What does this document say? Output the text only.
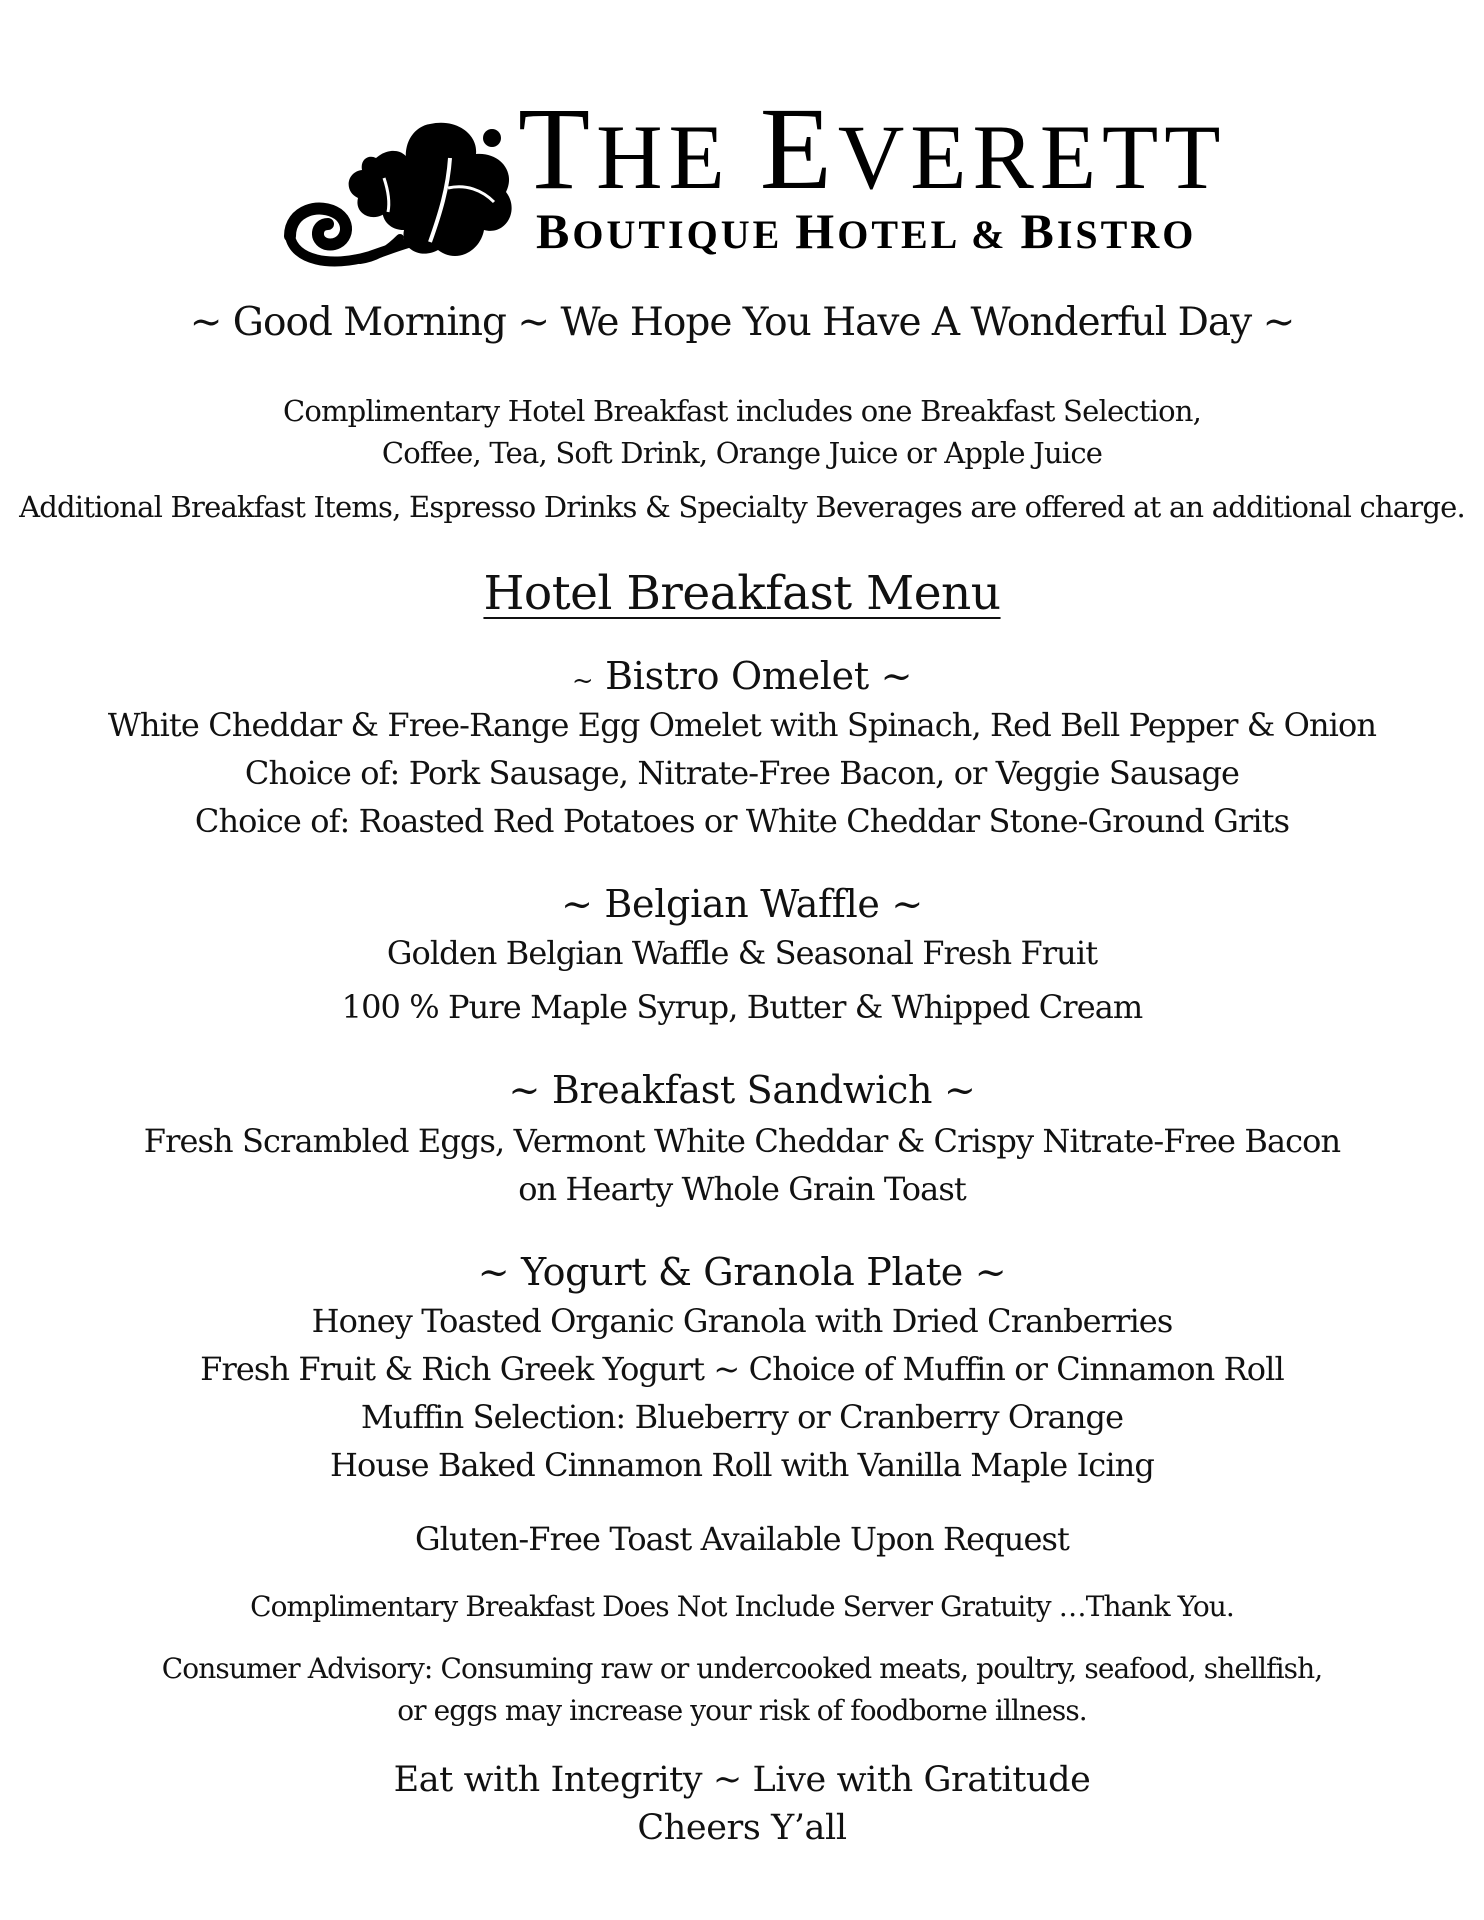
THE EVERETT
BOUTIQUE HOTEL & BISTRO
~ Good Morning ~ We Hope You Have A Wonderful Day ~
Complimentary Hotel Breakfast includes one Breakfast Selection,
Coffee, Tea, Soft Drink, Orange Juice or Apple Juice
Additional Breakfast Items, Espresso Drinks & Specialty Beverages are offered at an additional charge.
Hotel Breakfast Menu
~ Bistro Omelet ~
White Cheddar & Free-Range Egg Omelet with Spinach, Red Bell Pepper & Onion
Choice of: Pork Sausage, Nitrate-Free Bacon, or Veggie Sausage
Choice of: Roasted Red Potatoes or White Cheddar Stone-Ground Grits
~ Belgian Waffle ~
Golden Belgian Waffle & Seasonal Fresh Fruit
100 % Pure Maple Syrup, Butter & Whipped Cream
~ Breakfast Sandwich ~
Fresh Scrambled Eggs, Vermont White Cheddar & Crispy Nitrate-Free Bacon
on Hearty Whole Grain Toast
~ Yogurt & Granola Plate ~
Honey Toasted Organic Granola with Dried Cranberries
Fresh Fruit & Rich Greek Yogurt ~ Choice of Muffin or Cinnamon Roll
Muffin Selection: Blueberry or Cranberry Orange
House Baked Cinnamon Roll with Vanilla Maple Icing
Gluten-Free Toast Available Upon Request
Complimentary Breakfast Does Not Include Server Gratuity …Thank You.
Consumer Advisory: Consuming raw or undercooked meats, poultry, seafood, shellfish,
or eggs may increase your risk of foodborne illness.
Eat with Integrity ~ Live with Gratitude
Cheers Y’all
